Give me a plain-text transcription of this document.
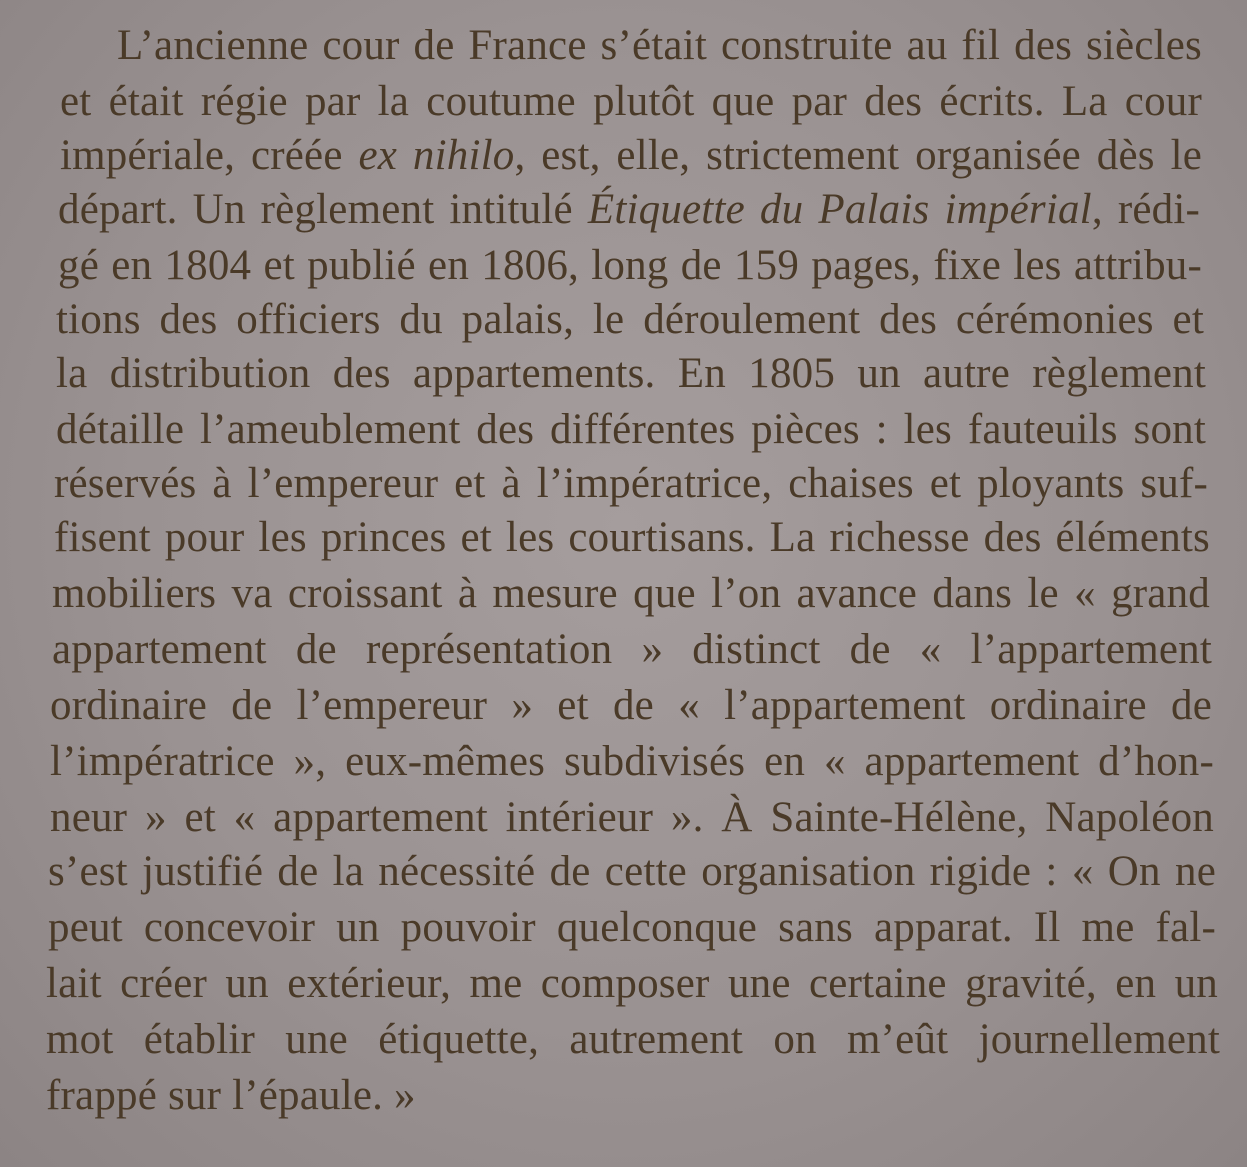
L’ancienne cour de France s’était construite au fil des siècles
et était régie par la coutume plutôt que par des écrits. La cour
impériale, créée ex nihilo, est, elle, strictement organisée dès le
départ. Un règlement intitulé Étiquette du Palais impérial, rédi-
gé en 1804 et publié en 1806, long de 159 pages, fixe les attribu-
tions des officiers du palais, le déroulement des cérémonies et
la distribution des appartements. En 1805 un autre règlement
détaille l’ameublement des différentes pièces : les fauteuils sont
réservés à l’empereur et à l’impératrice, chaises et ployants suf-
fisent pour les princes et les courtisans. La richesse des éléments
mobiliers va croissant à mesure que l’on avance dans le « grand
appartement de représentation » distinct de « l’appartement
ordinaire de l’empereur » et de « l’appartement ordinaire de
l’impératrice », eux-mêmes subdivisés en « appartement d’hon-
neur » et « appartement intérieur ». À Sainte-Hélène, Napoléon
s’est justifié de la nécessité de cette organisation rigide : « On ne
peut concevoir un pouvoir quelconque sans apparat. Il me fal-
lait créer un extérieur, me composer une certaine gravité, en un
mot établir une étiquette, autrement on m’eût journellement
frappé sur l’épaule. »
